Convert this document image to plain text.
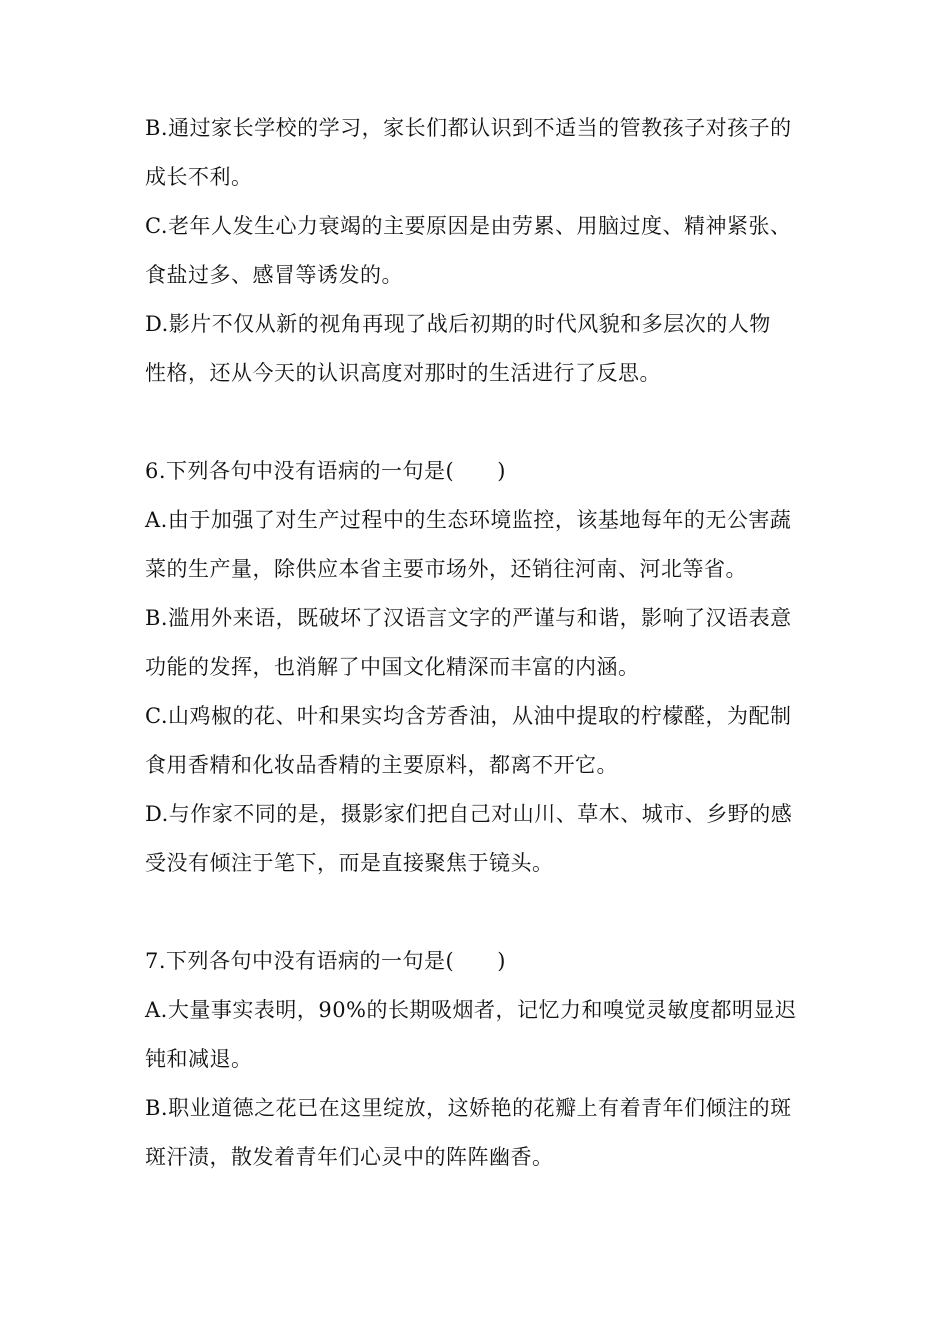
B.通过家长学校的学习，家长们都认识到不适当的管教孩子对孩子的
成长不利。
C.老年人发生心力衰竭的主要原因是由劳累、用脑过度、精神紧张、
食盐过多、感冒等诱发的。
D.影片不仅从新的视角再现了战后初期的时代风貌和多层次的人物
性格，还从今天的认识高度对那时的生活进行了反思。
6.下列各句中没有语病的一句是(　　)
A.由于加强了对生产过程中的生态环境监控，该基地每年的无公害蔬
菜的生产量，除供应本省主要市场外，还销往河南、河北等省。
B.滥用外来语，既破坏了汉语言文字的严谨与和谐，影响了汉语表意
功能的发挥，也消解了中国文化精深而丰富的内涵。
C.山鸡椒的花、叶和果实均含芳香油，从油中提取的柠檬醛，为配制
食用香精和化妆品香精的主要原料，都离不开它。
D.与作家不同的是，摄影家们把自己对山川、草木、城市、乡野的感
受没有倾注于笔下，而是直接聚焦于镜头。
7.下列各句中没有语病的一句是(　　)
A.大量事实表明，90%的长期吸烟者，记忆力和嗅觉灵敏度都明显迟
钝和减退。
B.职业道德之花已在这里绽放，这娇艳的花瓣上有着青年们倾注的斑
斑汗渍，散发着青年们心灵中的阵阵幽香。
